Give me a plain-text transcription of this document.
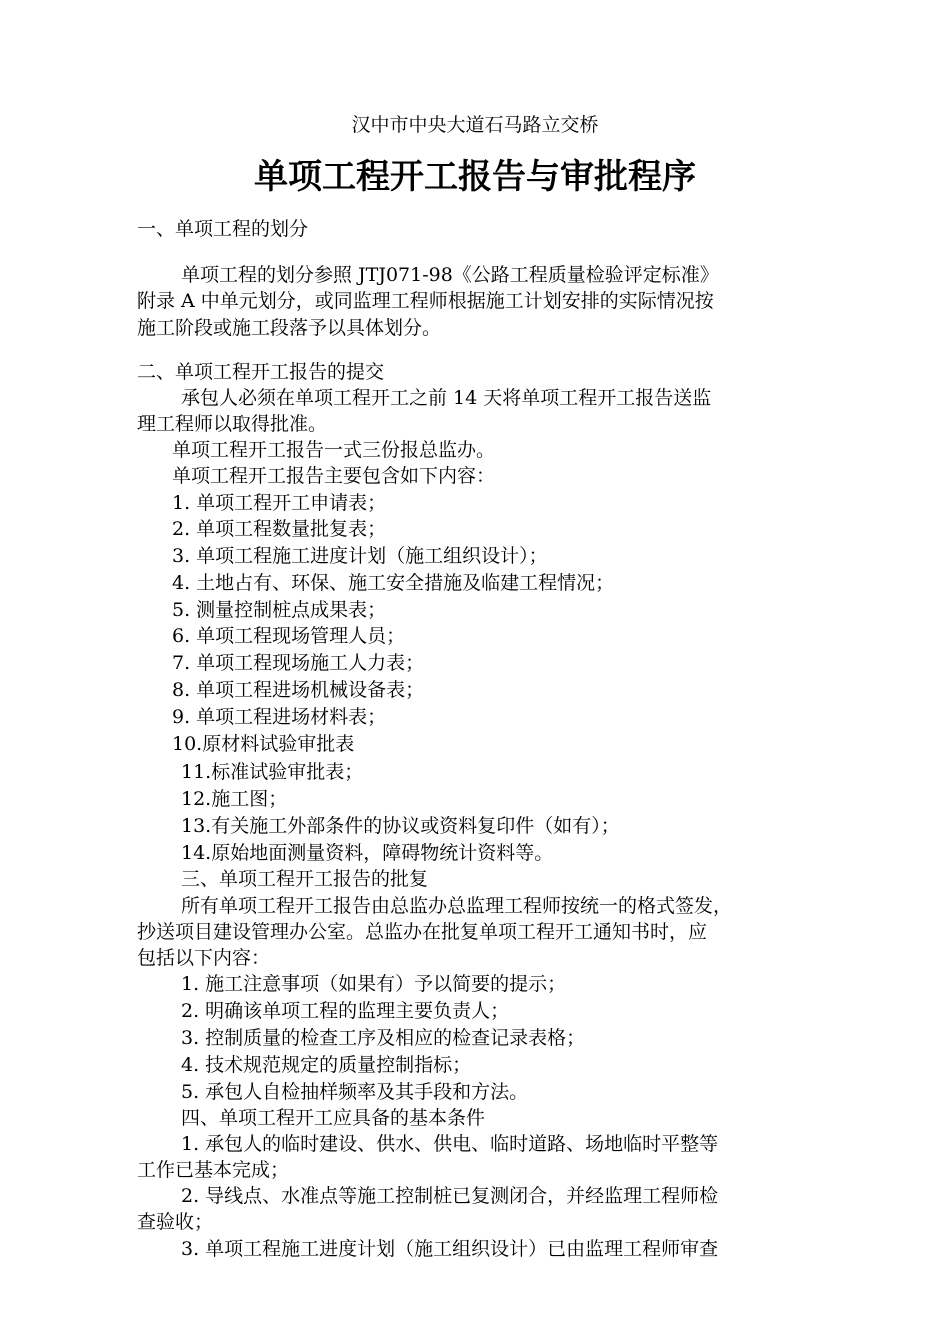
汉中市中央大道石马路立交桥
单项工程开工报告与审批程序
一、单项工程的划分
单项工程的划分参照 JTJ071-98《公路工程质量检验评定标准》
附录 A 中单元划分，或同监理工程师根据施工计划安排的实际情况按
施工阶段或施工段落予以具体划分。
二、单项工程开工报告的提交
承包人必须在单项工程开工之前 14 天将单项工程开工报告送监
理工程师以取得批准。
单项工程开工报告一式三份报总监办。
单项工程开工报告主要包含如下内容：
1. 单项工程开工申请表；
2. 单项工程数量批复表；
3. 单项工程施工进度计划（施工组织设计）；
4. 土地占有、环保、施工安全措施及临建工程情况；
5. 测量控制桩点成果表；
6. 单项工程现场管理人员；
7. 单项工程现场施工人力表；
8. 单项工程进场机械设备表；
9. 单项工程进场材料表；
10.原材料试验审批表
11.标准试验审批表；
12.施工图；
13.有关施工外部条件的协议或资料复印件（如有）；
14.原始地面测量资料，障碍物统计资料等。
三、单项工程开工报告的批复
所有单项工程开工报告由总监办总监理工程师按统一的格式签发，
抄送项目建设管理办公室。总监办在批复单项工程开工通知书时，应
包括以下内容：
1. 施工注意事项（如果有）予以简要的提示；
2. 明确该单项工程的监理主要负责人；
3. 控制质量的检查工序及相应的检查记录表格；
4. 技术规范规定的质量控制指标；
5. 承包人自检抽样频率及其手段和方法。
四、单项工程开工应具备的基本条件
1. 承包人的临时建设、供水、供电、临时道路、场地临时平整等
工作已基本完成；
2. 导线点、水准点等施工控制桩已复测闭合，并经监理工程师检
查验收；
3. 单项工程施工进度计划（施工组织设计）已由监理工程师审查
